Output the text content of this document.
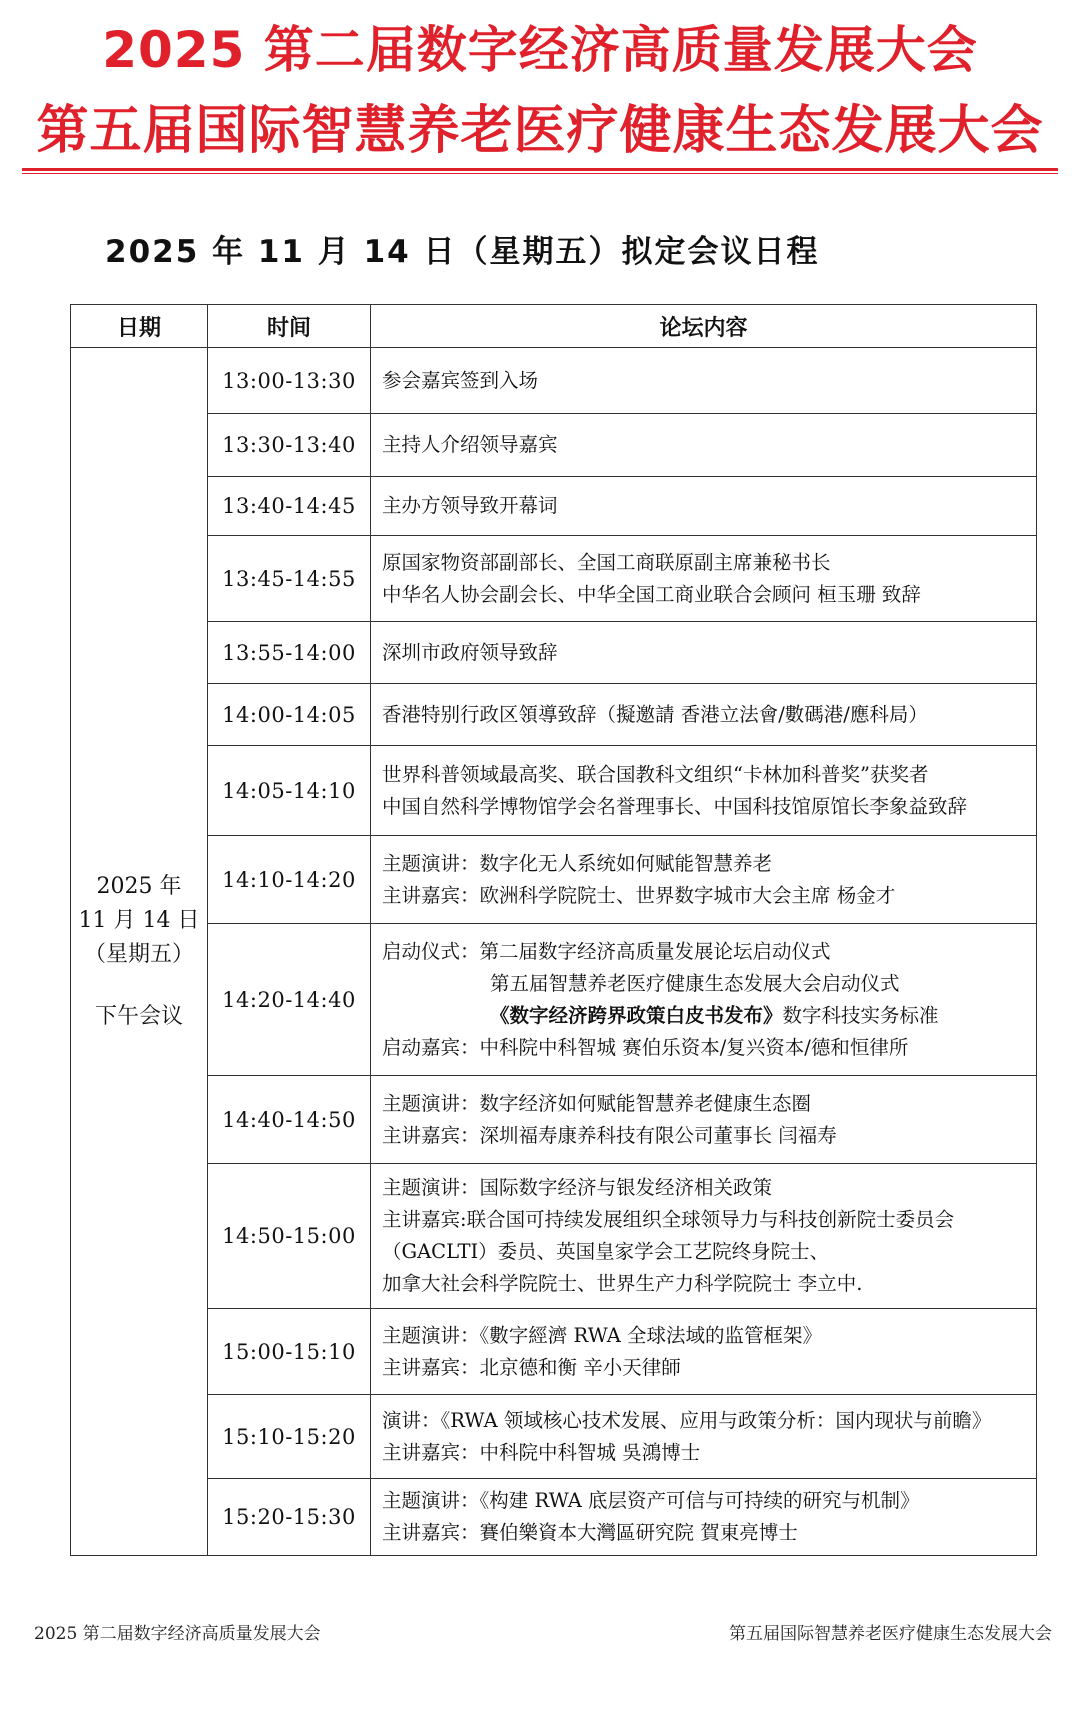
2025 第二届数字经济高质量发展大会
第五届国际智慧养老医疗健康生态发展大会
2025 年 11 月 14 日（星期五）拟定会议日程
日期	时间	论坛内容

2025 年
11 月 14 日
（星期五）
下午会议	13:00-13:30	参会嘉宾签到入场

	13:30-13:40	主持人介绍领导嘉宾

	13:40-14:45	主办方领导致开幕词

	13:45-14:55	原国家物资部副部长、全国工商联原副主席兼秘书长
中华名人协会副会长、中华全国工商业联合会顾问 桓玉珊 致辞

	13:55-14:00	深圳市政府领导致辞

	14:00-14:05	香港特别行政区領導致辞（擬邀請 香港立法會/數碼港/應科局）

	14:05-14:10	世界科普领域最高奖、联合国教科文组织“卡林加科普奖”获奖者
中国自然科学博物馆学会名誉理事长、中国科技馆原馆长李象益致辞

	14:10-14:20	主题演讲：数字化无人系统如何赋能智慧养老
主讲嘉宾：欧洲科学院院士、世界数字城市大会主席 杨金才

	14:20-14:40	启动仪式：第二届数字经济高质量发展论坛启动仪式
第五届智慧养老医疗健康生态发展大会启动仪式
《数字经济跨界政策白皮书发布》数字科技实务标准
启动嘉宾：中科院中科智城 赛伯乐资本/复兴资本/德和恒律所

	14:40-14:50	主题演讲：数字经济如何赋能智慧养老健康生态圈
主讲嘉宾：深圳福寿康养科技有限公司董事长 闫福寿

	14:50-15:00	主题演讲：国际数字经济与银发经济相关政策
主讲嘉宾:联合国可持续发展组织全球领导力与科技创新院士委员会
（GACLTI）委员、英国皇家学会工艺院终身院士、
加拿大社会科学院院士、世界生产力科学院院士 李立中.

	15:00-15:10	主题演讲：《數字經濟 RWA 全球法域的监管框架》
主讲嘉宾：北京德和衡 辛小天律師

	15:10-15:20	演讲：《RWA 领域核心技术发展、应用与政策分析：国内现状与前瞻》
主讲嘉宾：中科院中科智城 吳鴻博士

	15:20-15:30	主题演讲：《构建 RWA 底层资产可信与可持续的研究与机制》
主讲嘉宾：賽伯樂資本大灣區研究院 賀東亮博士
2025 第二届数字经济高质量发展大会	第五届国际智慧养老医疗健康生态发展大会
